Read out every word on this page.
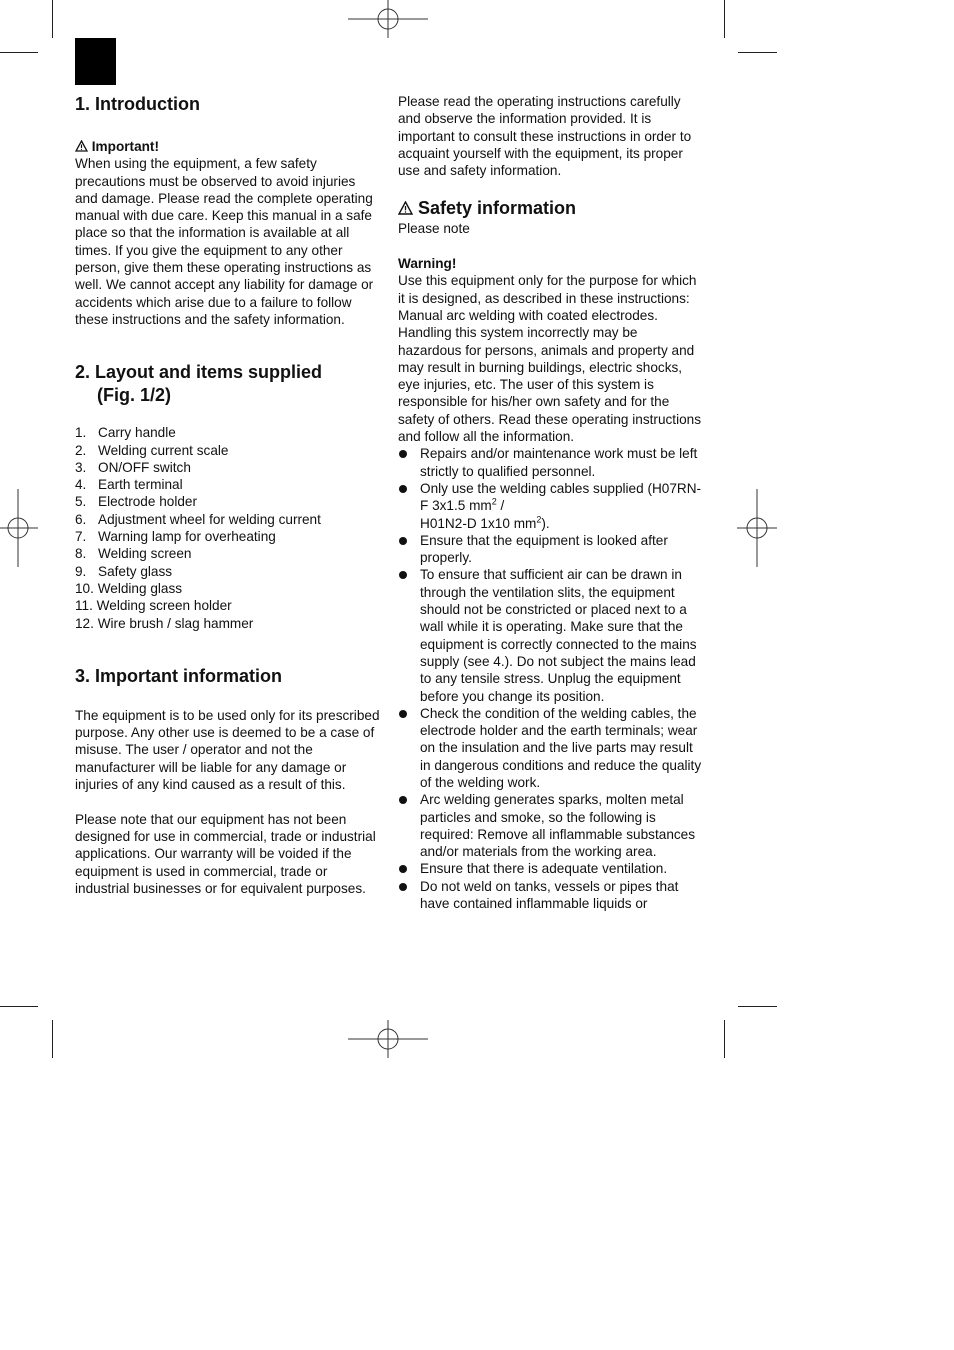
1. Introduction

Important!

When using the equipment, a few safety precautions must be observed to avoid injuries and damage. Please read the complete operating manual with due care. Keep this manual in a safe place so that the information is available at all times. If you give the equipment to any other person, give them these operating instructions as well. We cannot accept any liability for damage or accidents which arise due to a failure to follow these instructions and the safety information.

2. Layout and items supplied
(Fig. 1/2)
1. Carry handle
2. Welding current scale
3. ON/OFF switch
4. Earth terminal
5. Electrode holder
6. Adjustment wheel for welding current
7. Warning lamp for overheating
8. Welding screen
9. Safety glass
10.
Welding glass
11.
Welding screen holder
12.
Wire brush / slag hammer
3. Important information

The equipment is to be used only for its prescribed purpose. Any other use is deemed to be a case of misuse. The user / operator and not the manufacturer will be liable for any damage or injuries of any kind caused as a result of this.

Please note that our equipment has not been designed for use in commercial, trade or industrial applications. Our warranty will be voided if the equipment is used in commercial, trade or industrial businesses or for equivalent purposes.

Please read the operating instructions carefully and observe the information provided. It is important to consult these instructions in order to acquaint yourself with the equipment, its proper use and safety information.

Safety information

Please note

Warning!

Use this equipment only for the purpose for which it is designed, as described in these instructions: Manual arc welding with coated electrodes. Handling this system incorrectly may be hazardous for persons, animals and property and may result in burning buildings, electric shocks, eye injuries, etc. The user of this system is responsible for his/her own safety and for the safety of others. Read these operating instructions and follow all the information.

Repairs and/or maintenance work must be left strictly to qualified personnel.
Only use the welding cables supplied (H07RN-F 3x1.5 $mm^2$ /
H01N2-D 1x10 $mm^2$).
Ensure that the equipment is looked after properly.
To ensure that sufficient air can be drawn in through the ventilation slits, the equipment should not be constricted or placed next to a wall while it is operating. Make sure that the equipment is correctly connected to the mains supply (see 4.). Do not subject the mains lead to any tensile stress. Unplug the equipment before you change its position.
Check the condition of the welding cables, the electrode holder and the earth terminals; wear on the insulation and the live parts may result in dangerous conditions and reduce the quality of the welding work.
Arc welding generates sparks, molten metal particles and smoke, so the following is required: Remove all inflammable substances and/or materials from the working area.
Ensure that there is adequate ventilation.
Do not weld on tanks, vessels or pipes that have contained inflammable liquids or
